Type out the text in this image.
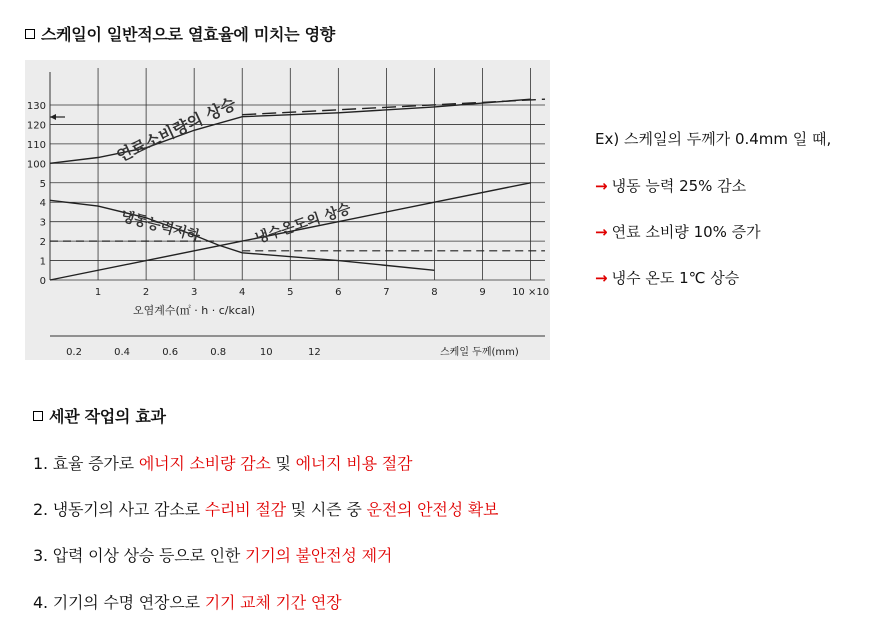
스케일이 일반적으로 열효율에 미치는 영향
130
120
110
100
5
4
3
2
1
0
1	2	3	4	5	6	7	8	9	10 ×10
연료소비량의 상승
냉동능력저하	냉수온도의 상승
오염계수(㎡ · h · c/kcal)
0.2	0.4	0.6	0.8	10	12	스케일 두께(mm)
Ex) 스케일의 두께가 0.4mm 일 때,
→ 냉동 능력 25% 감소
→ 연료 소비량 10% 증가
→ 냉수 온도 1℃ 상승
세관 작업의 효과
1. 효율 증가로 에너지 소비량 감소 및 에너지 비용 절감
2. 냉동기의 사고 감소로 수리비 절감 및 시즌 중 운전의 안전성 확보
3. 압력 이상 상승 등으로 인한 기기의 불안전성 제거
4. 기기의 수명 연장으로 기기 교체 기간 연장
